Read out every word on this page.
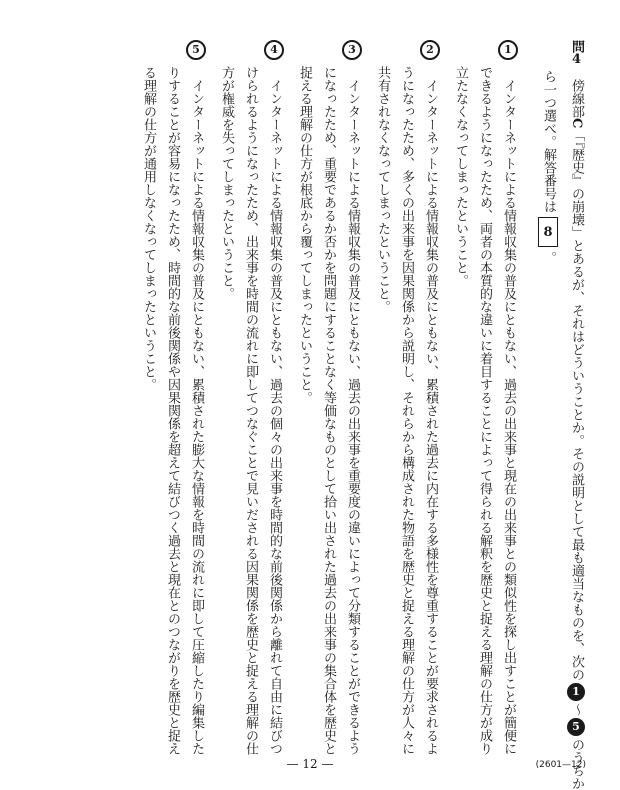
問4　傍線部C「『歴史』の崩壊」とあるが、それはどういうことか。その説明として最も適当なものを、次の1～5のうちか
ら一つ選べ。解答番号は8。
1　インターネットによる情報収集の普及にともない、過去の出来事と現在の出来事との類似性を探し出すことが簡便に
できるようになったため、両者の本質的な違いに着目することによって得られる解釈を歴史と捉える理解の仕方が成り
立たなくなってしまったということ。
2　インターネットによる情報収集の普及にともない、累積された過去に内在する多様性を尊重することが要求されるよ
うになったため、多くの出来事を因果関係から説明し、それらから構成された物語を歴史と捉える理解の仕方が人々に
共有されなくなってしまったということ。
3　インターネットによる情報収集の普及にともない、過去の出来事を重要度の違いによって分類することができるよう
になったため、重要であるか否かを問題にすることなく等価なものとして拾い出された過去の出来事の集合体を歴史と
捉える理解の仕方が根底から覆ってしまったということ。
4　インターネットによる情報収集の普及にともない、過去の個々の出来事を時間的な前後関係から離れて自由に結びつ
けられるようになったため、出来事を時間の流れに即してつなぐことで見いだされる因果関係を歴史と捉える理解の仕
方が権威を失ってしまったということ。
5　インターネットによる情報収集の普及にともない、累積された膨大な情報を時間の流れに即して圧縮したり編集した
りすることが容易になったため、時間的な前後関係や因果関係を超えて結びつく過去と現在とのつながりを歴史と捉え
る理解の仕方が通用しなくなってしまったということ。
— 12 —	(2601—12)
